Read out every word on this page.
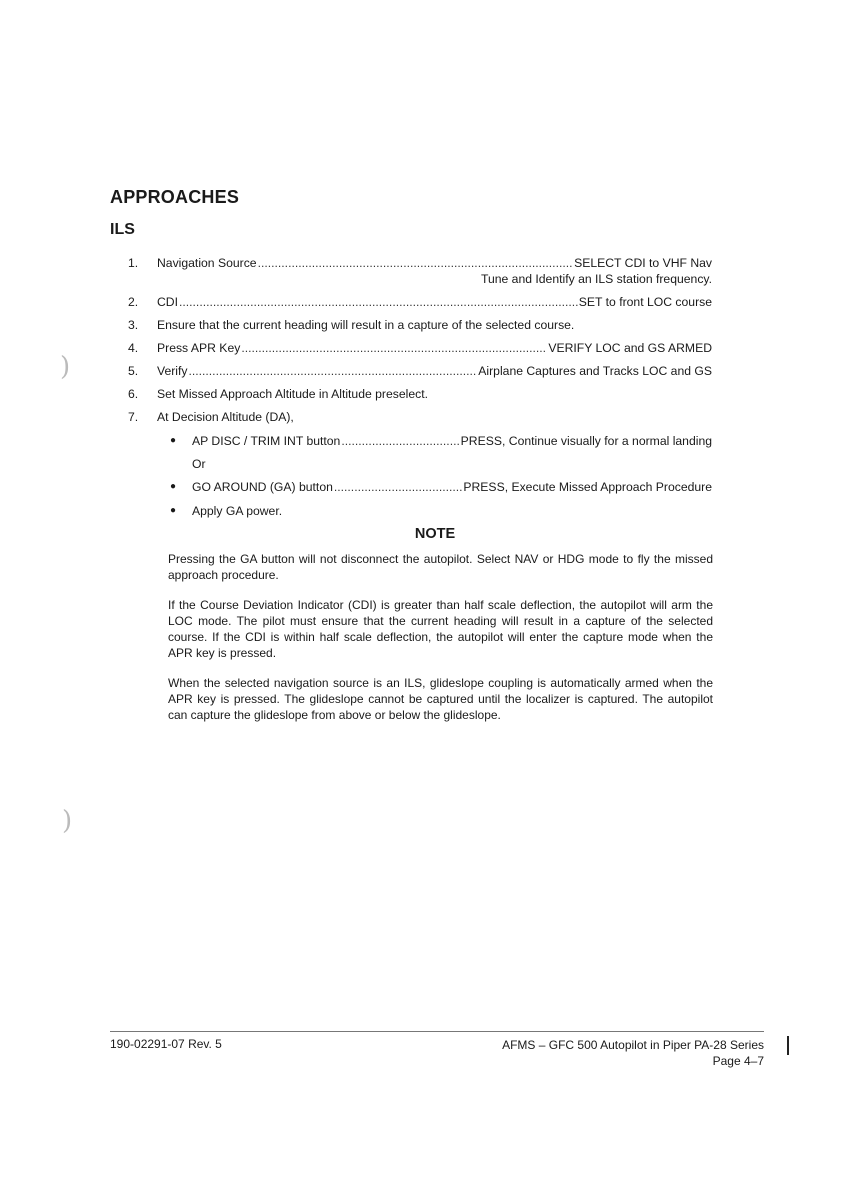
)
)
APPROACHES
ILS
1.	Navigation Source .....	SELECT CDI to VHF Nav
Tune and Identify an ILS station frequency.
2.	CDI .....	SET to front LOC course
3.	Ensure that the current heading will result in a capture of the selected course.
4.	Press APR Key .....	VERIFY LOC and GS ARMED
5.	Verify .....	Airplane Captures and Tracks LOC and GS
6.	Set Missed Approach Altitude in Altitude preselect.
7.	At Decision Altitude (DA),
● AP DISC / TRIM INT button .....	PRESS, Continue visually for a normal landing
Or
● GO AROUND (GA) button .....	PRESS, Execute Missed Approach Procedure
● Apply GA power.
NOTE
Pressing the GA button will not disconnect the autopilot. Select NAV or HDG mode to fly the missed approach procedure.
If the Course Deviation Indicator (CDI) is greater than half scale deflection, the autopilot will arm the LOC mode. The pilot must ensure that the current heading will result in a capture of the selected course. If the CDI is within half scale deflection, the autopilot will enter the capture mode when the APR key is pressed.
When the selected navigation source is an ILS, glideslope coupling is automatically armed when the APR key is pressed. The glideslope cannot be captured until the localizer is captured. The autopilot can capture the glideslope from above or below the glideslope.
190-02291-07 Rev. 5	AFMS – GFC 500 Autopilot in Piper PA-28 Series
Page 4–7
